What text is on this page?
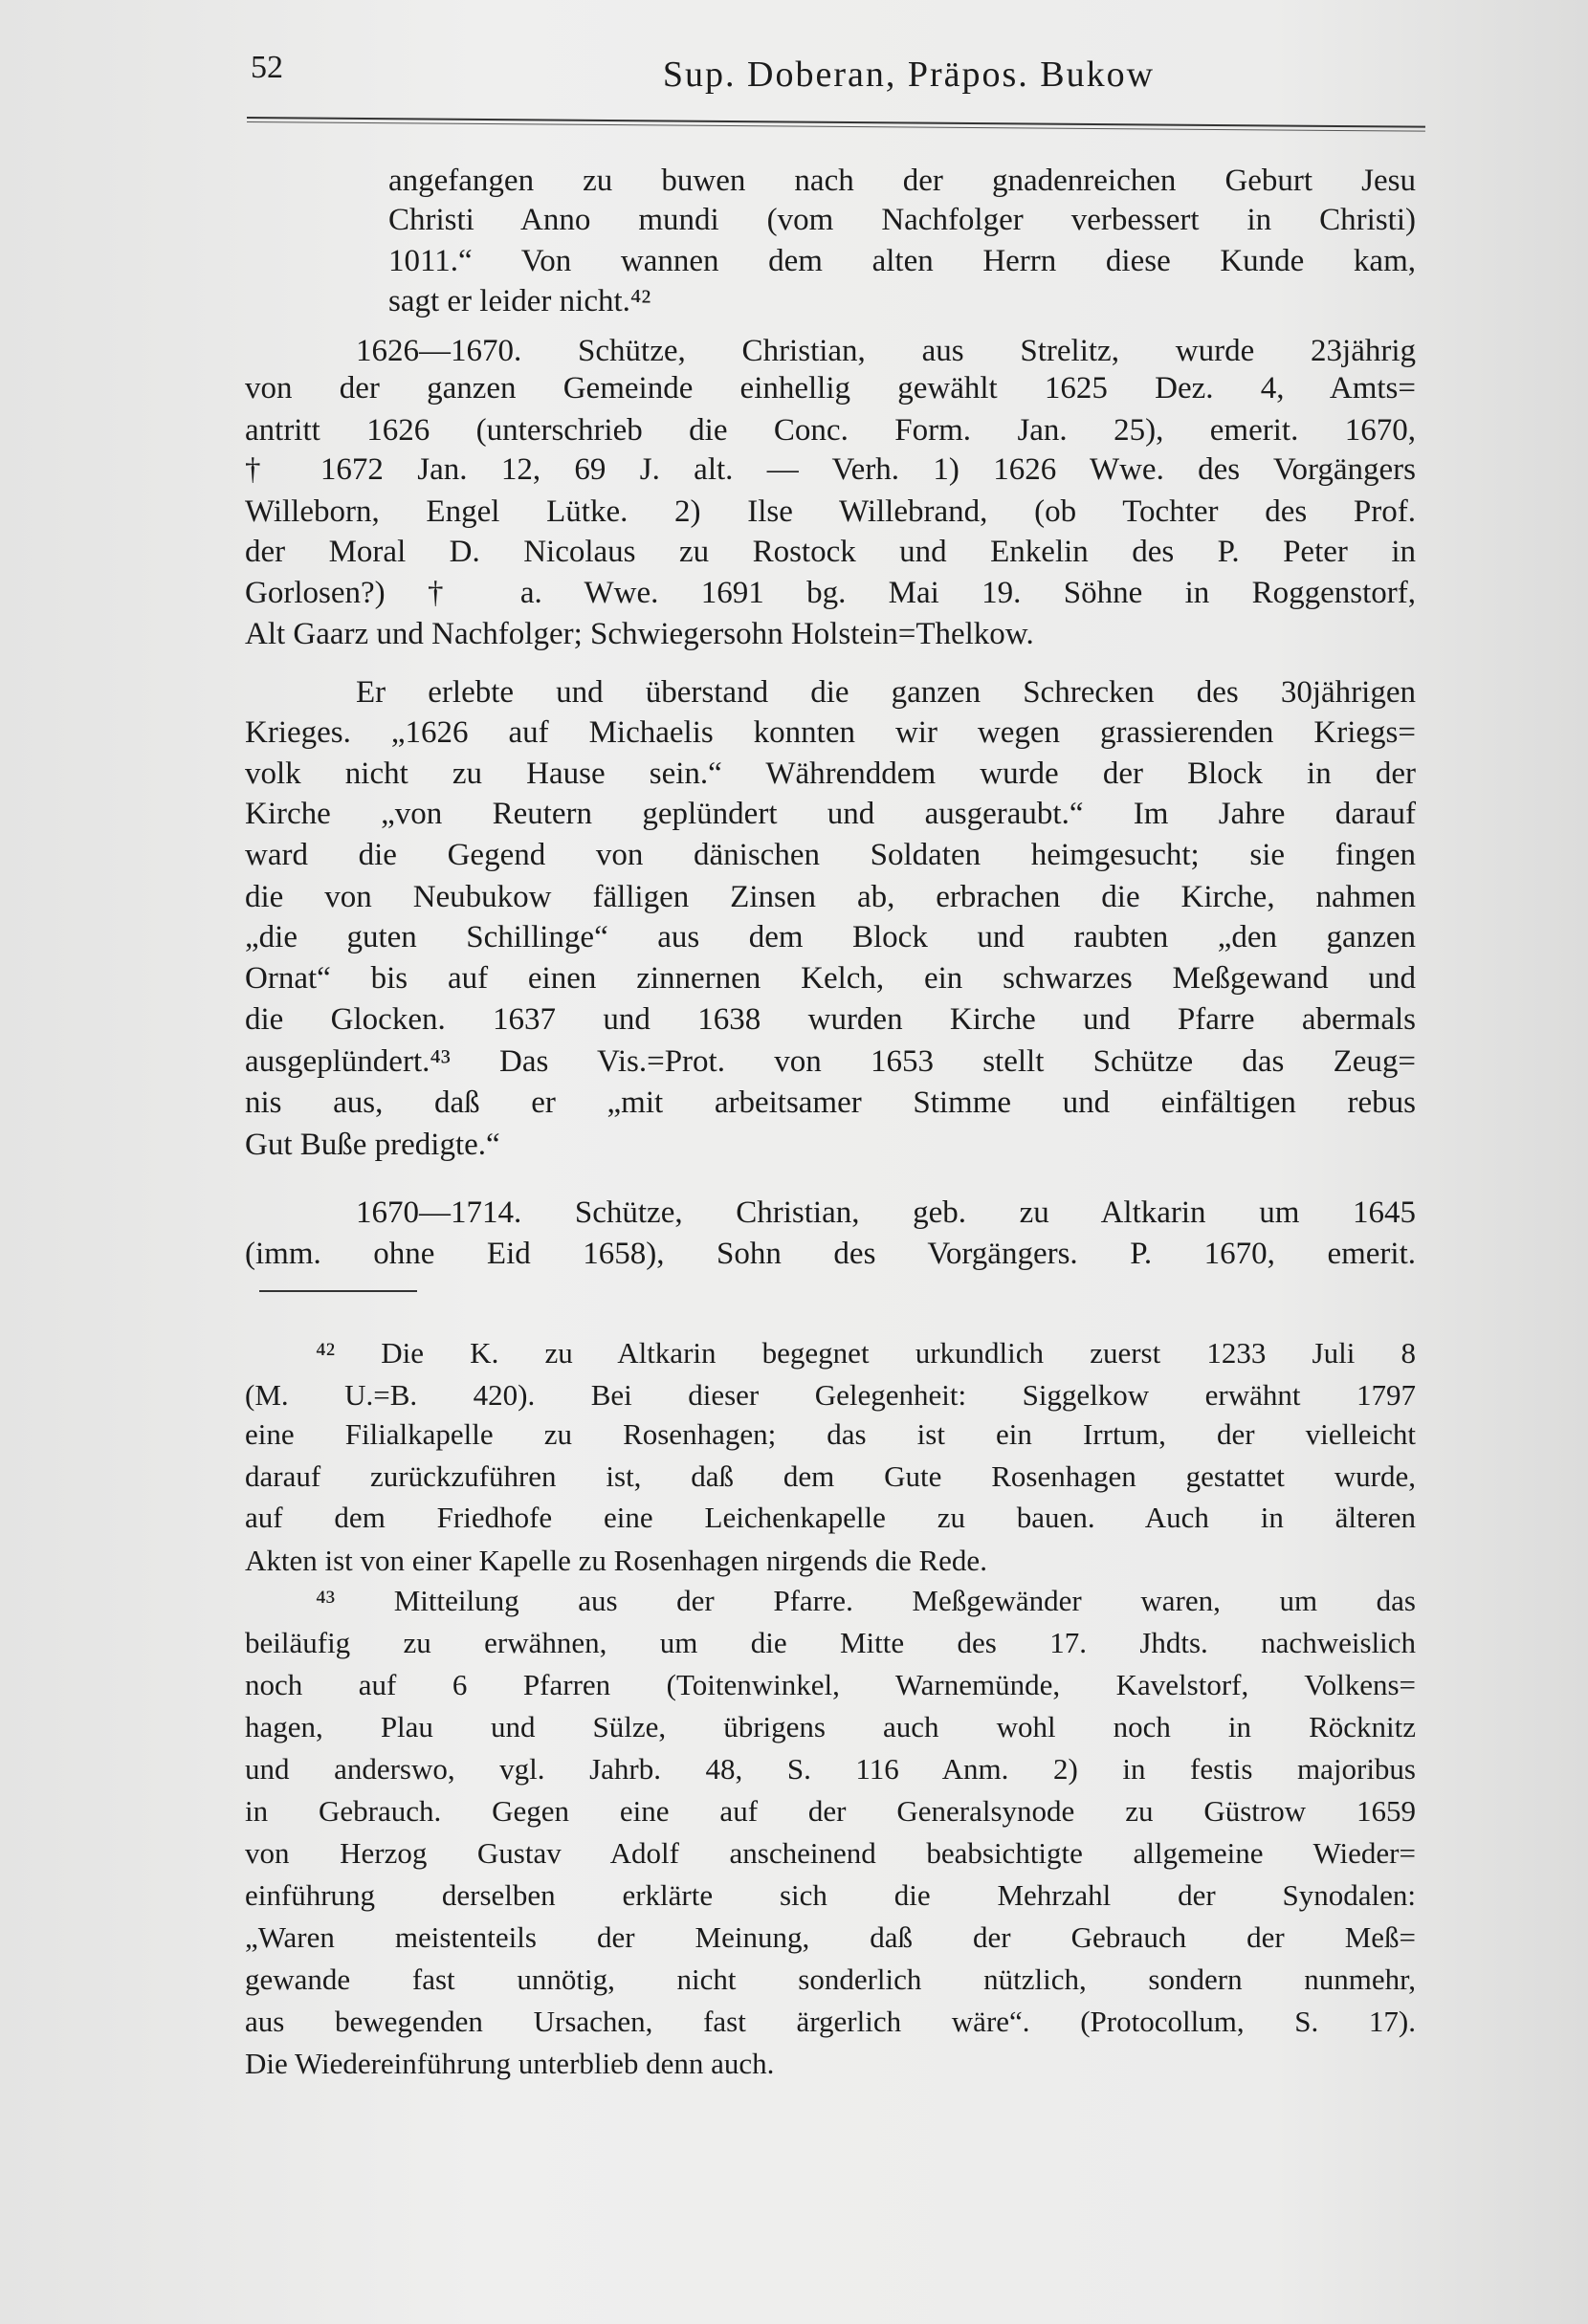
52	Sup. Doberan, Präpos. Bukow
angefangen zu buwen nach der gnadenreichen Geburt Jesu
Christi Anno mundi (vom Nachfolger verbessert in Christi)
1011.“ Von wannen dem alten Herrn diese Kunde kam,
sagt er leider nicht.⁴²
1626—1670. Schütze, Christian, aus Strelitz, wurde 23jährig
von der ganzen Gemeinde einhellig gewählt 1625 Dez. 4, Amts=
antritt 1626 (unterschrieb die Conc. Form. Jan. 25), emerit. 1670,
† 1672 Jan. 12, 69 J. alt. — Verh. 1) 1626 Wwe. des Vorgängers
Willeborn, Engel Lütke. 2) Ilse Willebrand, (ob Tochter des Prof.
der Moral D. Nicolaus zu Rostock und Enkelin des P. Peter in
Gorlosen?) † a. Wwe. 1691 bg. Mai 19. Söhne in Roggenstorf,
Alt Gaarz und Nachfolger; Schwiegersohn Holstein=Thelkow.
Er erlebte und überstand die ganzen Schrecken des 30jährigen
Krieges. „1626 auf Michaelis konnten wir wegen grassierenden Kriegs=
volk nicht zu Hause sein.“ Währenddem wurde der Block in der
Kirche „von Reutern geplündert und ausgeraubt.“ Im Jahre darauf
ward die Gegend von dänischen Soldaten heimgesucht; sie fingen
die von Neubukow fälligen Zinsen ab, erbrachen die Kirche, nahmen
„die guten Schillinge“ aus dem Block und raubten „den ganzen
Ornat“ bis auf einen zinnernen Kelch, ein schwarzes Meßgewand und
die Glocken. 1637 und 1638 wurden Kirche und Pfarre abermals
ausgeplündert.⁴³ Das Vis.=Prot. von 1653 stellt Schütze das Zeug=
nis aus, daß er „mit arbeitsamer Stimme und einfältigen rebus
Gut Buße predigte.“
1670—1714. Schütze, Christian, geb. zu Altkarin um 1645
(imm. ohne Eid 1658), Sohn des Vorgängers. P. 1670, emerit.
⁴² Die K. zu Altkarin begegnet urkundlich zuerst 1233 Juli 8
(M. U.=B. 420). Bei dieser Gelegenheit: Siggelkow erwähnt 1797
eine Filialkapelle zu Rosenhagen; das ist ein Irrtum, der vielleicht
darauf zurückzuführen ist, daß dem Gute Rosenhagen gestattet wurde,
auf dem Friedhofe eine Leichenkapelle zu bauen. Auch in älteren
Akten ist von einer Kapelle zu Rosenhagen nirgends die Rede.
⁴³ Mitteilung aus der Pfarre. Meßgewänder waren, um das
beiläufig zu erwähnen, um die Mitte des 17. Jhdts. nachweislich
noch auf 6 Pfarren (Toitenwinkel, Warnemünde, Kavelstorf, Volkens=
hagen, Plau und Sülze, übrigens auch wohl noch in Röcknitz
und anderswo, vgl. Jahrb. 48, S. 116 Anm. 2) in festis majoribus
in Gebrauch. Gegen eine auf der Generalsynode zu Güstrow 1659
von Herzog Gustav Adolf anscheinend beabsichtigte allgemeine Wieder=
einführung derselben erklärte sich die Mehrzahl der Synodalen:
„Waren meistenteils der Meinung, daß der Gebrauch der Meß=
gewande fast unnötig, nicht sonderlich nützlich, sondern nunmehr,
aus bewegenden Ursachen, fast ärgerlich wäre“. (Protocollum, S. 17).
Die Wiedereinführung unterblieb denn auch.
